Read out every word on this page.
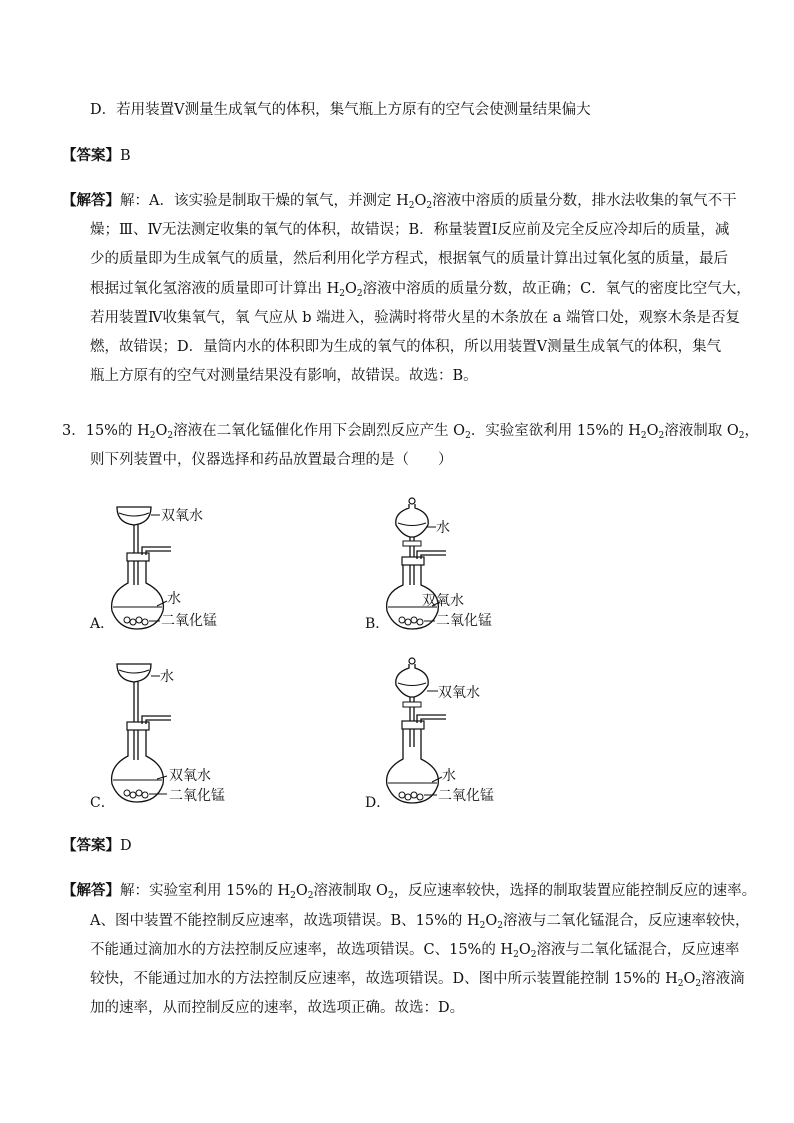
D．若用装置Ⅴ测量生成氧气的体积，集气瓶上方原有的空气会使测量结果偏大
【答案】B
【解答】解：A．该实验是制取干燥的氧气，并测定 $H_2O_2$溶液中溶质的质量分数，排水法收集的氧气不干
燥；Ⅲ、Ⅳ无法测定收集的氧气的体积，故错误；B．称量装置Ⅰ反应前及完全反应冷却后的质量，减
少的质量即为生成氧气的质量，然后利用化学方程式，根据氧气的质量计算出过氧化氢的质量，最后
根据过氧化氢溶液的质量即可计算出 $H_2O_2$溶液中溶质的质量分数，故正确；C．氧气的密度比空气大，
若用装置Ⅳ收集氧气，氧 气应从 b 端进入，验满时将带火星的木条放在 a 端管口处，观察木条是否复
燃，故错误；D．量筒内水的体积即为生成的氧气的体积，所以用装置Ⅴ测量生成氧气的体积，集气
瓶上方原有的空气对测量结果没有影响，故错误。故选：B。
3．15%的 $H_2O_2$溶液在二氧化锰催化作用下会剧烈反应产生 $O_2$．实验室欲利用 15%的 $H_2O_2$溶液制取 $O_2$，
则下列装置中，仪器选择和药品放置最合理的是（　　）
A．
双氧水
水
二氧化锰	B．
水
双氧水
二氧化锰
C．
水
双氧水
二氧化锰	D．
双氧水
水
二氧化锰
【答案】D
【解答】解：实验室利用 15%的 $H_2O_2$溶液制取 $O_2$，反应速率较快，选择的制取装置应能控制反应的速率。
A、图中装置不能控制反应速率，故选项错误。B、15%的 $H_2O_2$溶液与二氧化锰混合，反应速率较快，
不能通过滴加水的方法控制反应速率，故选项错误。C、15%的 $H_2O_2$溶液与二氧化锰混合，反应速率
较快，不能通过加水的方法控制反应速率，故选项错误。D、图中所示装置能控制 15%的 $H_2O_2$溶液滴
加的速率，从而控制反应的速率，故选项正确。故选：D。
